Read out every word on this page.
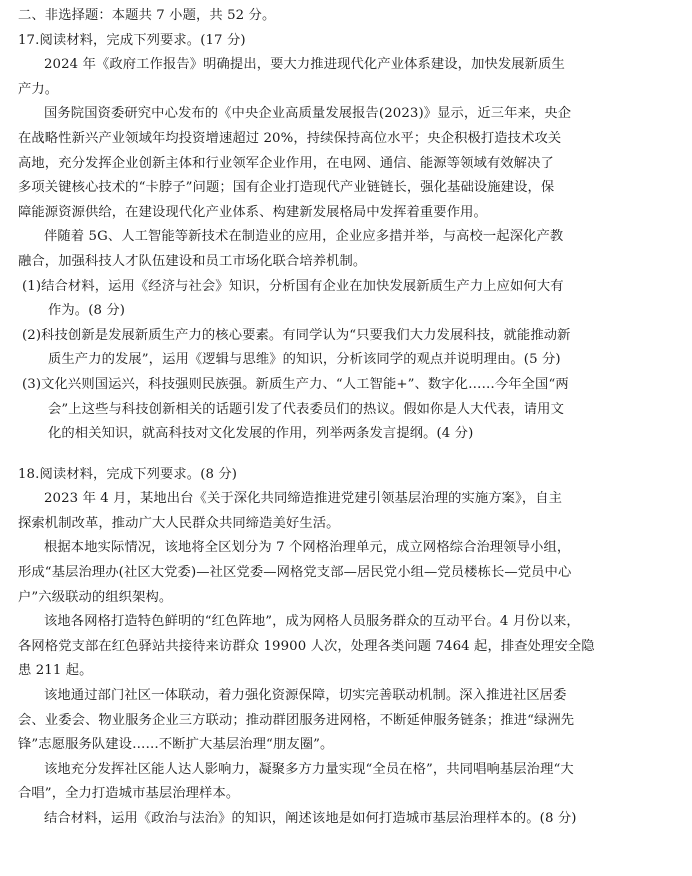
二、非选择题：本题共 7 小题，共 52 分。
17.阅读材料，完成下列要求。(17 分)
2024 年《政府工作报告》明确提出，要大力推进现代化产业体系建设，加快发展新质生
产力。
国务院国资委研究中心发布的《中央企业高质量发展报告(2023)》显示，近三年来，央企
在战略性新兴产业领域年均投资增速超过 20%，持续保持高位水平；央企积极打造技术攻关
高地，充分发挥企业创新主体和行业领军企业作用，在电网、通信、能源等领域有效解决了
多项关键核心技术的“卡脖子”问题；国有企业打造现代产业链链长，强化基础设施建设，保
障能源资源供给，在建设现代化产业体系、构建新发展格局中发挥着重要作用。
伴随着 5G、人工智能等新技术在制造业的应用，企业应多措并举，与高校一起深化产教
融合，加强科技人才队伍建设和员工市场化联合培养机制。
(1)结合材料，运用《经济与社会》知识，分析国有企业在加快发展新质生产力上应如何大有
作为。(8 分)
(2)科技创新是发展新质生产力的核心要素。有同学认为“只要我们大力发展科技，就能推动新
质生产力的发展”，运用《逻辑与思维》的知识，分析该同学的观点并说明理由。(5 分)
(3)文化兴则国运兴，科技强则民族强。新质生产力、“人工智能+”、数字化……今年全国“两
会”上这些与科技创新相关的话题引发了代表委员们的热议。假如你是人大代表，请用文
化的相关知识，就高科技对文化发展的作用，列举两条发言提纲。(4 分)
18.阅读材料，完成下列要求。(8 分)
2023 年 4 月，某地出台《关于深化共同缔造推进党建引领基层治理的实施方案》，自主
探索机制改革，推动广大人民群众共同缔造美好生活。
根据本地实际情况，该地将全区划分为 7 个网格治理单元，成立网格综合治理领导小组，
形成“基层治理办(社区大党委)—社区党委—网格党支部—居民党小组—党员楼栋长—党员中心
户”六级联动的组织架构。
该地各网格打造特色鲜明的“红色阵地”，成为网格人员服务群众的互动平台。4 月份以来，
各网格党支部在红色驿站共接待来访群众 19900 人次，处理各类问题 7464 起，排查处理安全隐
患 211 起。
该地通过部门社区一体联动，着力强化资源保障，切实完善联动机制。深入推进社区居委
会、业委会、物业服务企业三方联动；推动群团服务进网格，不断延伸服务链条；推进“绿洲先
锋”志愿服务队建设……不断扩大基层治理“朋友圈”。
该地充分发挥社区能人达人影响力，凝聚多方力量实现“全员在格”，共同唱响基层治理“大
合唱”，全力打造城市基层治理样本。
结合材料，运用《政治与法治》的知识，阐述该地是如何打造城市基层治理样本的。(8 分)
